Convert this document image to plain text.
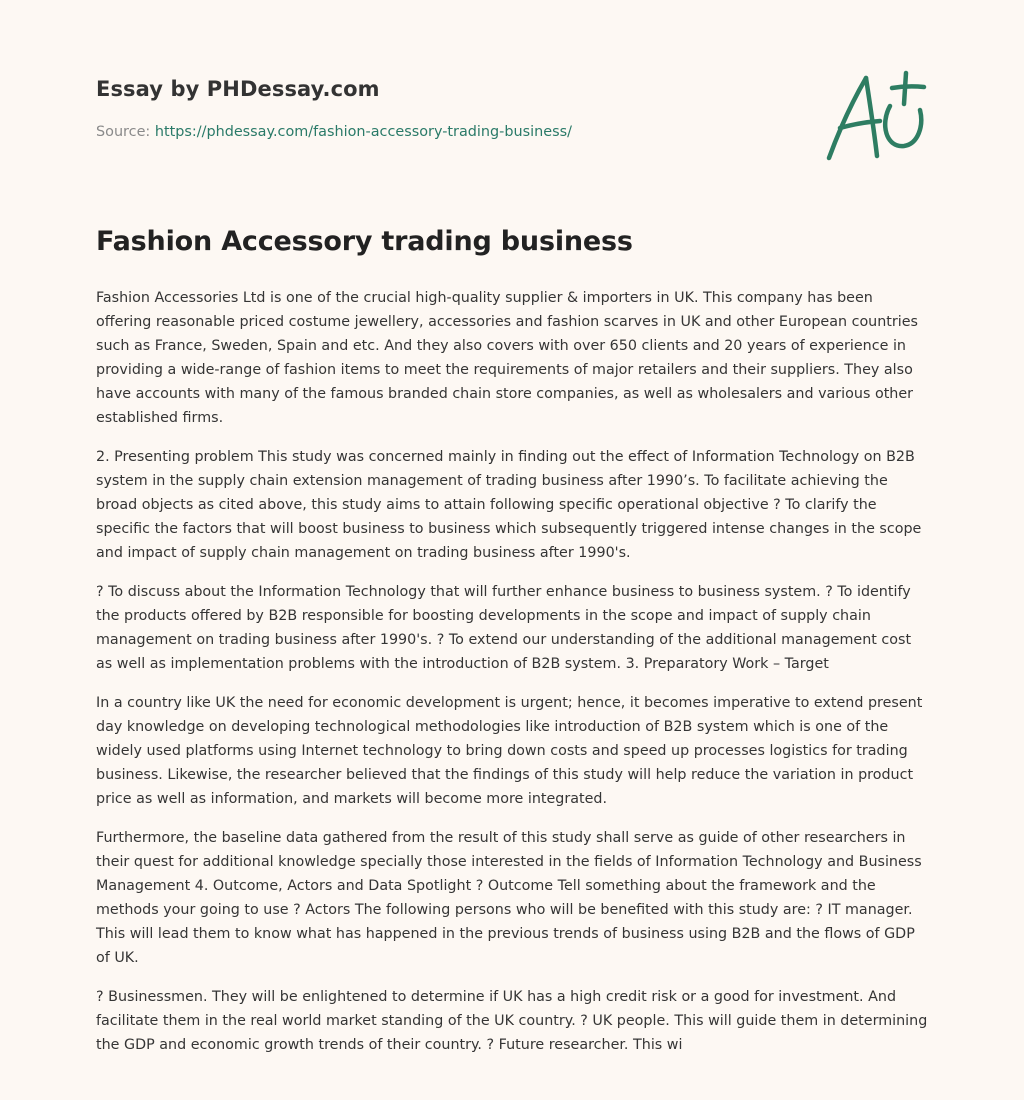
Essay by PHDessay.com

Source: https://phdessay.com/fashion-accessory-trading-business/

Fashion Accessory trading business

Fashion Accessories Ltd is one of the crucial high-quality supplier & importers in UK. This company has been offering reasonable priced costume jewellery, accessories and fashion scarves in UK and other European countries such as France, Sweden, Spain and etc. And they also covers with over 650 clients and 20 years of experience in providing a wide-range of fashion items to meet the requirements of major retailers and their suppliers. They also have accounts with many of the famous branded chain store companies, as well as wholesalers and various other established firms.

2. Presenting problem This study was concerned mainly in finding out the effect of Information Technology on B2B system in the supply chain extension management of trading business after 1990’s. To facilitate achieving the broad objects as cited above, this study aims to attain following specific operational objective ? To clarify the specific the factors that will boost business to business which subsequently triggered intense changes in the scope and impact of supply chain management on trading business after 1990's.

? To discuss about the Information Technology that will further enhance business to business system. ? To identify the products offered by B2B responsible for boosting developments in the scope and impact of supply chain management on trading business after 1990's. ? To extend our understanding of the additional management cost as well as implementation problems with the introduction of B2B system. 3. Preparatory Work – Target

In a country like UK the need for economic development is urgent; hence, it becomes imperative to extend present day knowledge on developing technological methodologies like introduction of B2B system which is one of the widely used platforms using Internet technology to bring down costs and speed up processes logistics for trading business. Likewise, the researcher believed that the findings of this study will help reduce the variation in product price as well as information, and markets will become more integrated.

Furthermore, the baseline data gathered from the result of this study shall serve as guide of other researchers in their quest for additional knowledge specially those interested in the fields of Information Technology and Business Management 4. Outcome, Actors and Data Spotlight ? Outcome Tell something about the framework and the methods your going to use ? Actors The following persons who will be benefited with this study are: ? IT manager. This will lead them to know what has happened in the previous trends of business using B2B and the flows of GDP of UK.

? Businessmen. They will be enlightened to determine if UK has a high credit risk or a good for investment. And facilitate them in the real world market standing of the UK country. ? UK people. This will guide them in determining the GDP and economic growth trends of their country. ? Future researcher. This wi
